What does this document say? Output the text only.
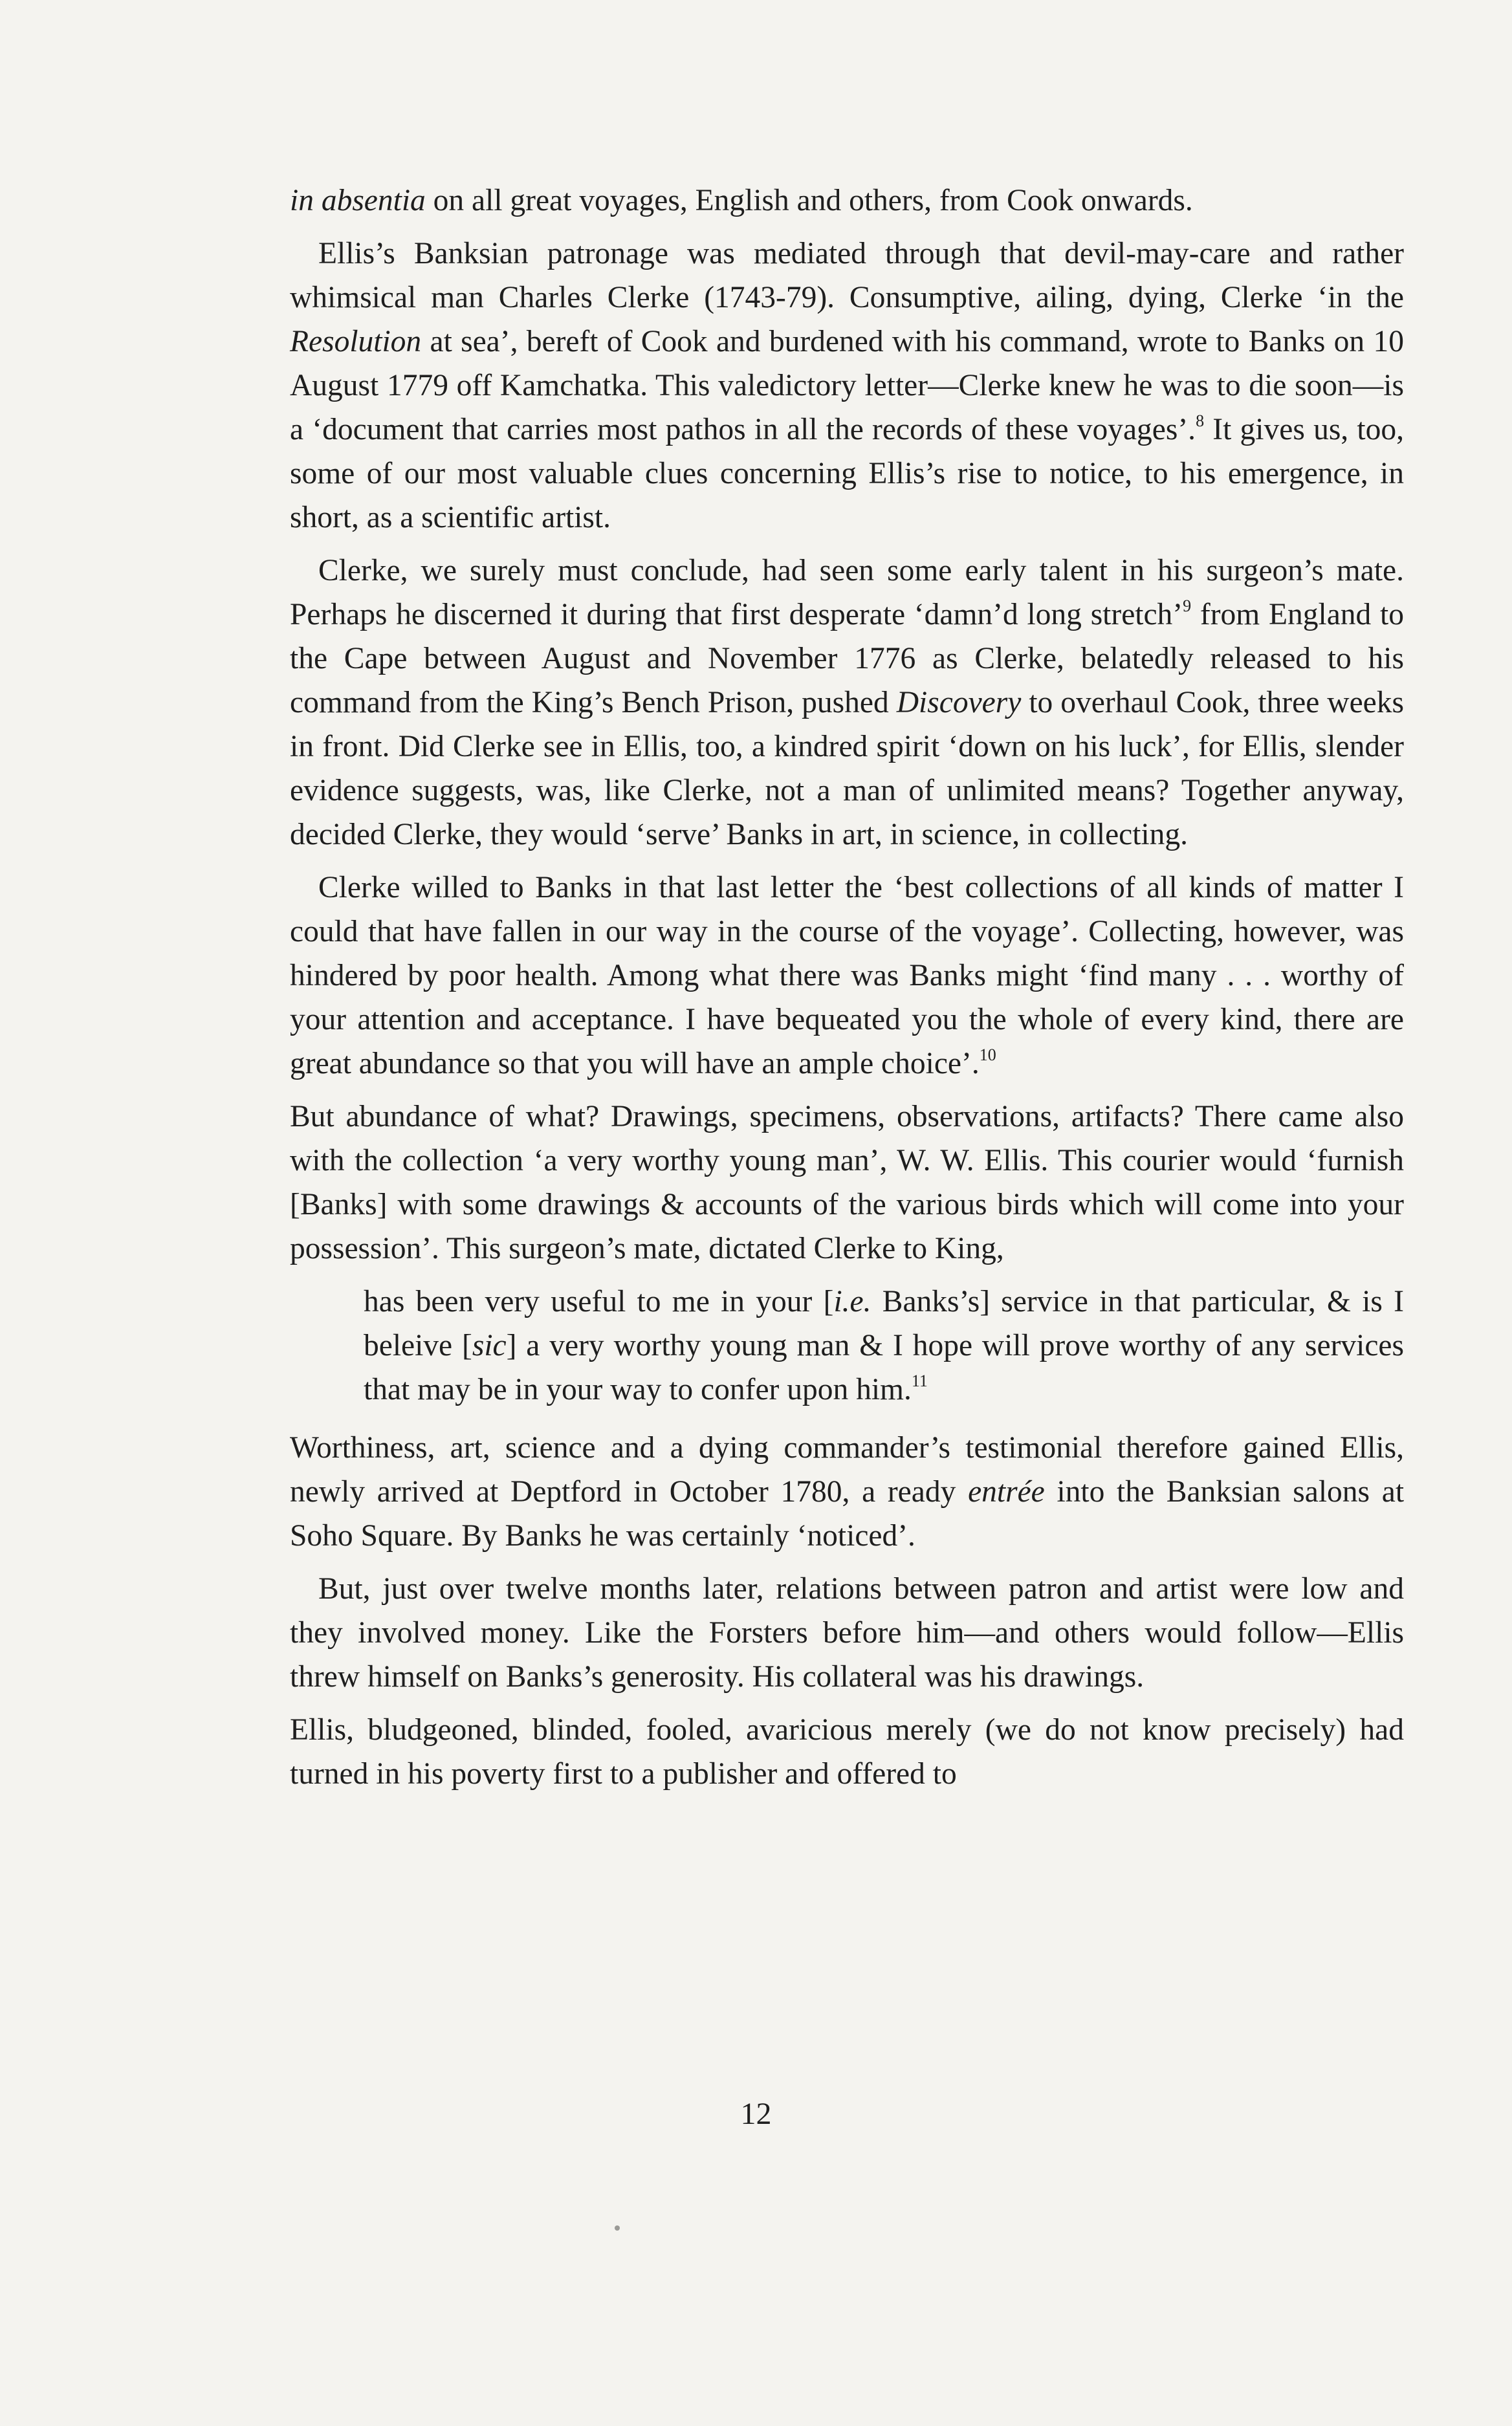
in absentia on all great voyages, English and others, from Cook onwards.

Ellis’s Banksian patronage was mediated through that devil-may-care and rather whimsical man Charles Clerke (1743-79). Consumptive, ailing, dying, Clerke ‘in the Resolution at sea’, bereft of Cook and burdened with his command, wrote to Banks on 10 August 1779 off Kamchatka. This valedictory letter—Clerke knew he was to die soon—is a ‘document that carries most pathos in all the records of these voyages’.$^8$ It gives us, too, some of our most valuable clues concerning Ellis’s rise to notice, to his emergence, in short, as a scientific artist.

Clerke, we surely must conclude, had seen some early talent in his surgeon’s mate. Perhaps he discerned it during that first desperate ‘damn’d long stretch’$^9$ from England to the Cape between August and November 1776 as Clerke, belatedly released to his command from the King’s Bench Prison, pushed Discovery to overhaul Cook, three weeks in front. Did Clerke see in Ellis, too, a kindred spirit ‘down on his luck’, for Ellis, slender evidence suggests, was, like Clerke, not a man of unlimited means? Together anyway, decided Clerke, they would ‘serve’ Banks in art, in science, in collecting.

Clerke willed to Banks in that last letter the ‘best collections of all kinds of matter I could that have fallen in our way in the course of the voyage’. Collecting, however, was hindered by poor health. Among what there was Banks might ‘find many . . . worthy of your attention and acceptance. I have bequeated you the whole of every kind, there are great abundance so that you will have an ample choice’.$^{10}$

But abundance of what? Drawings, specimens, observations, artifacts? There came also with the collection ‘a very worthy young man’, W. W. Ellis. This courier would ‘furnish [Banks] with some drawings & accounts of the various birds which will come into your possession’. This surgeon’s mate, dictated Clerke to King,

has been very useful to me in your [i.e. Banks’s] service in that particular, & is I beleive [sic] a very worthy young man & I hope will prove worthy of any services that may be in your way to confer upon him.$^{11}$

Worthiness, art, science and a dying commander’s testimonial therefore gained Ellis, newly arrived at Deptford in October 1780, a ready entrée into the Banksian salons at Soho Square. By Banks he was certainly ‘noticed’.

But, just over twelve months later, relations between patron and artist were low and they involved money. Like the Forsters before him—and others would follow—Ellis threw himself on Banks’s generosity. His collateral was his drawings.

Ellis, bludgeoned, blinded, fooled, avaricious merely (we do not know precisely) had turned in his poverty first to a publisher and offered to

12
